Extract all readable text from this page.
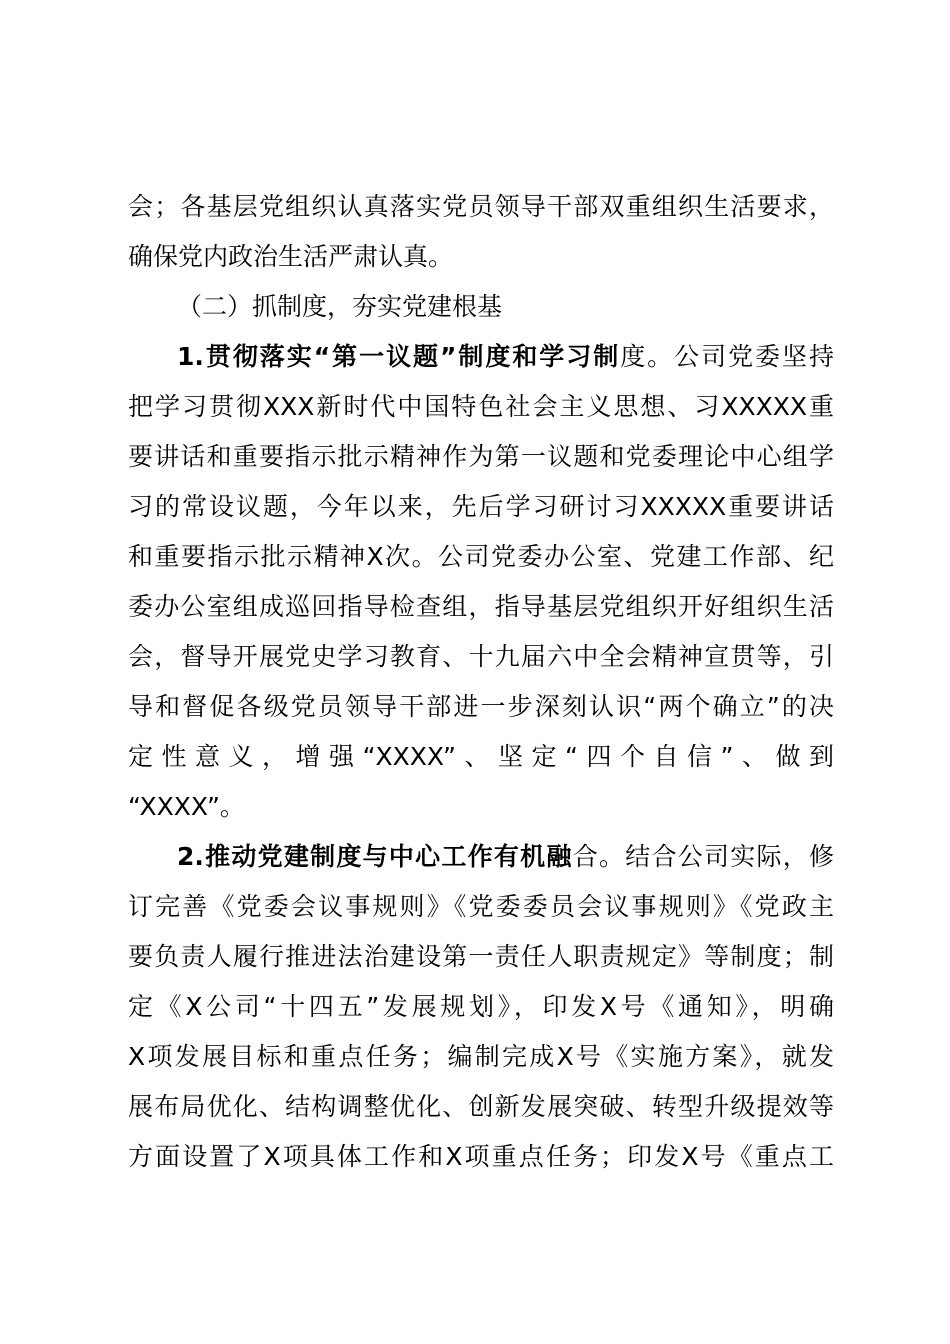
会；各基层党组织认真落实党员领导干部双重组织生活要求，
确保党内政治生活严肃认真。
（二）抓制度，夯实党建根基
1.贯彻落实“第一议题”制度和学习制度。公司党委坚持
把学习贯彻XXX新时代中国特色社会主义思想、习XXXXX重
要讲话和重要指示批示精神作为第一议题和党委理论中心组学
习的常设议题，今年以来，先后学习研讨习XXXXX重要讲话
和重要指示批示精神X次。公司党委办公室、党建工作部、纪
委办公室组成巡回指导检查组，指导基层党组织开好组织生活
会，督导开展党史学习教育、十九届六中全会精神宣贯等，引
导和督促各级党员领导干部进一步深刻认识“两个确立”的决
定性意义，增强“XXXX”、坚定“四个自信”、做到
“XXXX”。
2.推动党建制度与中心工作有机融合。结合公司实际，修
订完善《党委会议事规则》《党委委员会议事规则》《党政主
要负责人履行推进法治建设第一责任人职责规定》等制度；制
定《X公司“十四五”发展规划》，印发X号《通知》，明确
X项发展目标和重点任务；编制完成X号《实施方案》，就发
展布局优化、结构调整优化、创新发展突破、转型升级提效等
方面设置了X项具体工作和X项重点任务；印发X号《重点工
